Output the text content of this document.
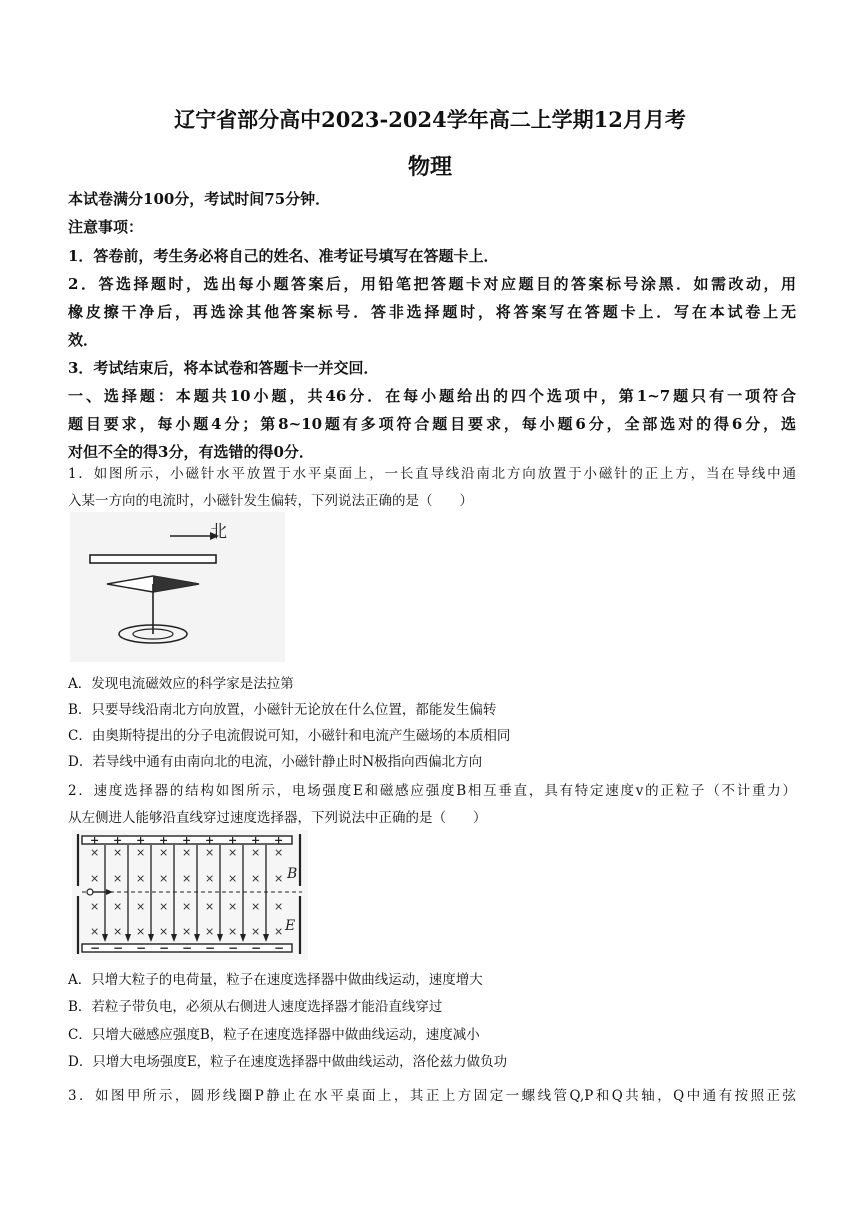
辽宁省部分高中2023-2024学年高二上学期12月月考
物理
本试卷满分100分，考试时间75分钟．
注意事项：
1．答卷前，考生务必将自己的姓名、准考证号填写在答题卡上．
2．答选择题时，选出每小题答案后，用铅笔把答题卡对应题目的答案标号涂黑．如需改动，用
橡皮擦干净后，再选涂其他答案标号．答非选择题时，将答案写在答题卡上．写在本试卷上无
效．
3．考试结束后，将本试卷和答题卡一并交回．
一、选择题：本题共10小题，共46分．在每小题给出的四个选项中，第1~7题只有一项符合
题目要求，每小题4分；第8~10题有多项符合题目要求，每小题6分，全部选对的得6分，选
对但不全的得3分，有选错的得0分．
1．如图所示，小磁针水平放置于水平桌面上，一长直导线沿南北方向放置于小磁针的正上方，当在导线中通
入某一方向的电流时，小磁针发生偏转，下列说法正确的是（　　）
北
A．发现电流磁效应的科学家是法拉第
B．只要导线沿南北方向放置，小磁针无论放在什么位置，都能发生偏转
C．由奥斯特提出的分子电流假说可知，小磁针和电流产生磁场的本质相同
D．若导线中通有由南向北的电流，小磁针静止时N极指向西偏北方向
2．速度选择器的结构如图所示，电场强度E和磁感应强度B相互垂直，具有特定速度v的正粒子（不计重力）
从左侧进人能够沿直线穿过速度选择器，下列说法中正确的是（　　）
B
E
+
−
×
×
×
×
+
−
×
×
×
×
+
−
×
×
×
×
+
−
×
×
×
×
+
−
×
×
×
×
+
−
×
×
×
×
+
−
×
×
×
×
+
−
×
×
×
×
+
−
×
×
×
×
A．只增大粒子的电荷量，粒子在速度选择器中做曲线运动，速度增大
B．若粒子带负电，必须从右侧进人速度选择器才能沿直线穿过
C．只增大磁感应强度B，粒子在速度选择器中做曲线运动，速度减小
D．只增大电场强度E，粒子在速度选择器中做曲线运动，洛伦兹力做负功
3．如图甲所示，圆形线圈P静止在水平桌面上，其正上方固定一螺线管Q,P和Q共轴，Q中通有按照正弦
